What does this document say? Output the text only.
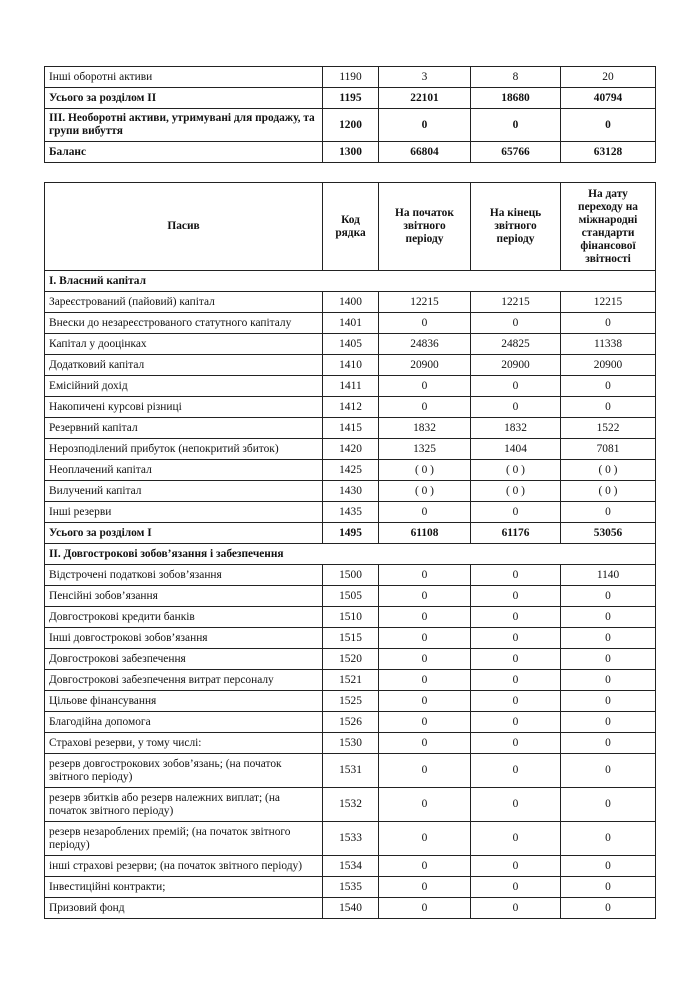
Інші оборотні активи	1190	3	8	20
Усього за розділом II	1195	22101	18680	40794
III. Необоротні активи, утримувані для продажу, та групи вибуття	1200	0	0	0
Баланс	1300	66804	65766	63128
Пасив	Код рядка	На початок звітного періоду	На кінець звітного періоду	На дату переходу на міжнародні стандарти фінансової звітності
I. Власний капітал				
Зареєстрований (пайовий) капітал	1400	12215	12215	12215
Внески до незареєстрованого статутного капіталу	1401	0	0	0
Капітал у дооцінках	1405	24836	24825	11338
Додатковий капітал	1410	20900	20900	20900
Емісійний дохід	1411	0	0	0
Накопичені курсові різниці	1412	0	0	0
Резервний капітал	1415	1832	1832	1522
Нерозподілений прибуток (непокритий збиток)	1420	1325	1404	7081
Неоплачений капітал	1425	( 0 )	( 0 )	( 0 )
Вилучений капітал	1430	( 0 )	( 0 )	( 0 )
Інші резерви	1435	0	0	0
Усього за розділом I	1495	61108	61176	53056
II. Довгострокові зобов’язання і забезпечення				
Відстрочені податкові зобов’язання	1500	0	0	1140
Пенсійні зобов’язання	1505	0	0	0
Довгострокові кредити банків	1510	0	0	0
Інші довгострокові зобов’язання	1515	0	0	0
Довгострокові забезпечення	1520	0	0	0
Довгострокові забезпечення витрат персоналу	1521	0	0	0
Цільове фінансування	1525	0	0	0
Благодійна допомога	1526	0	0	0
Страхові резерви, у тому числі:	1530	0	0	0
резерв довгострокових зобов’язань; (на початок звітного періоду)	1531	0	0	0
резерв збитків або резерв належних виплат; (на початок звітного періоду)	1532	0	0	0
резерв незароблених премій; (на початок звітного періоду)	1533	0	0	0
інші страхові резерви; (на початок звітного періоду)	1534	0	0	0
Інвестиційні контракти;	1535	0	0	0
Призовий фонд	1540	0	0	0
